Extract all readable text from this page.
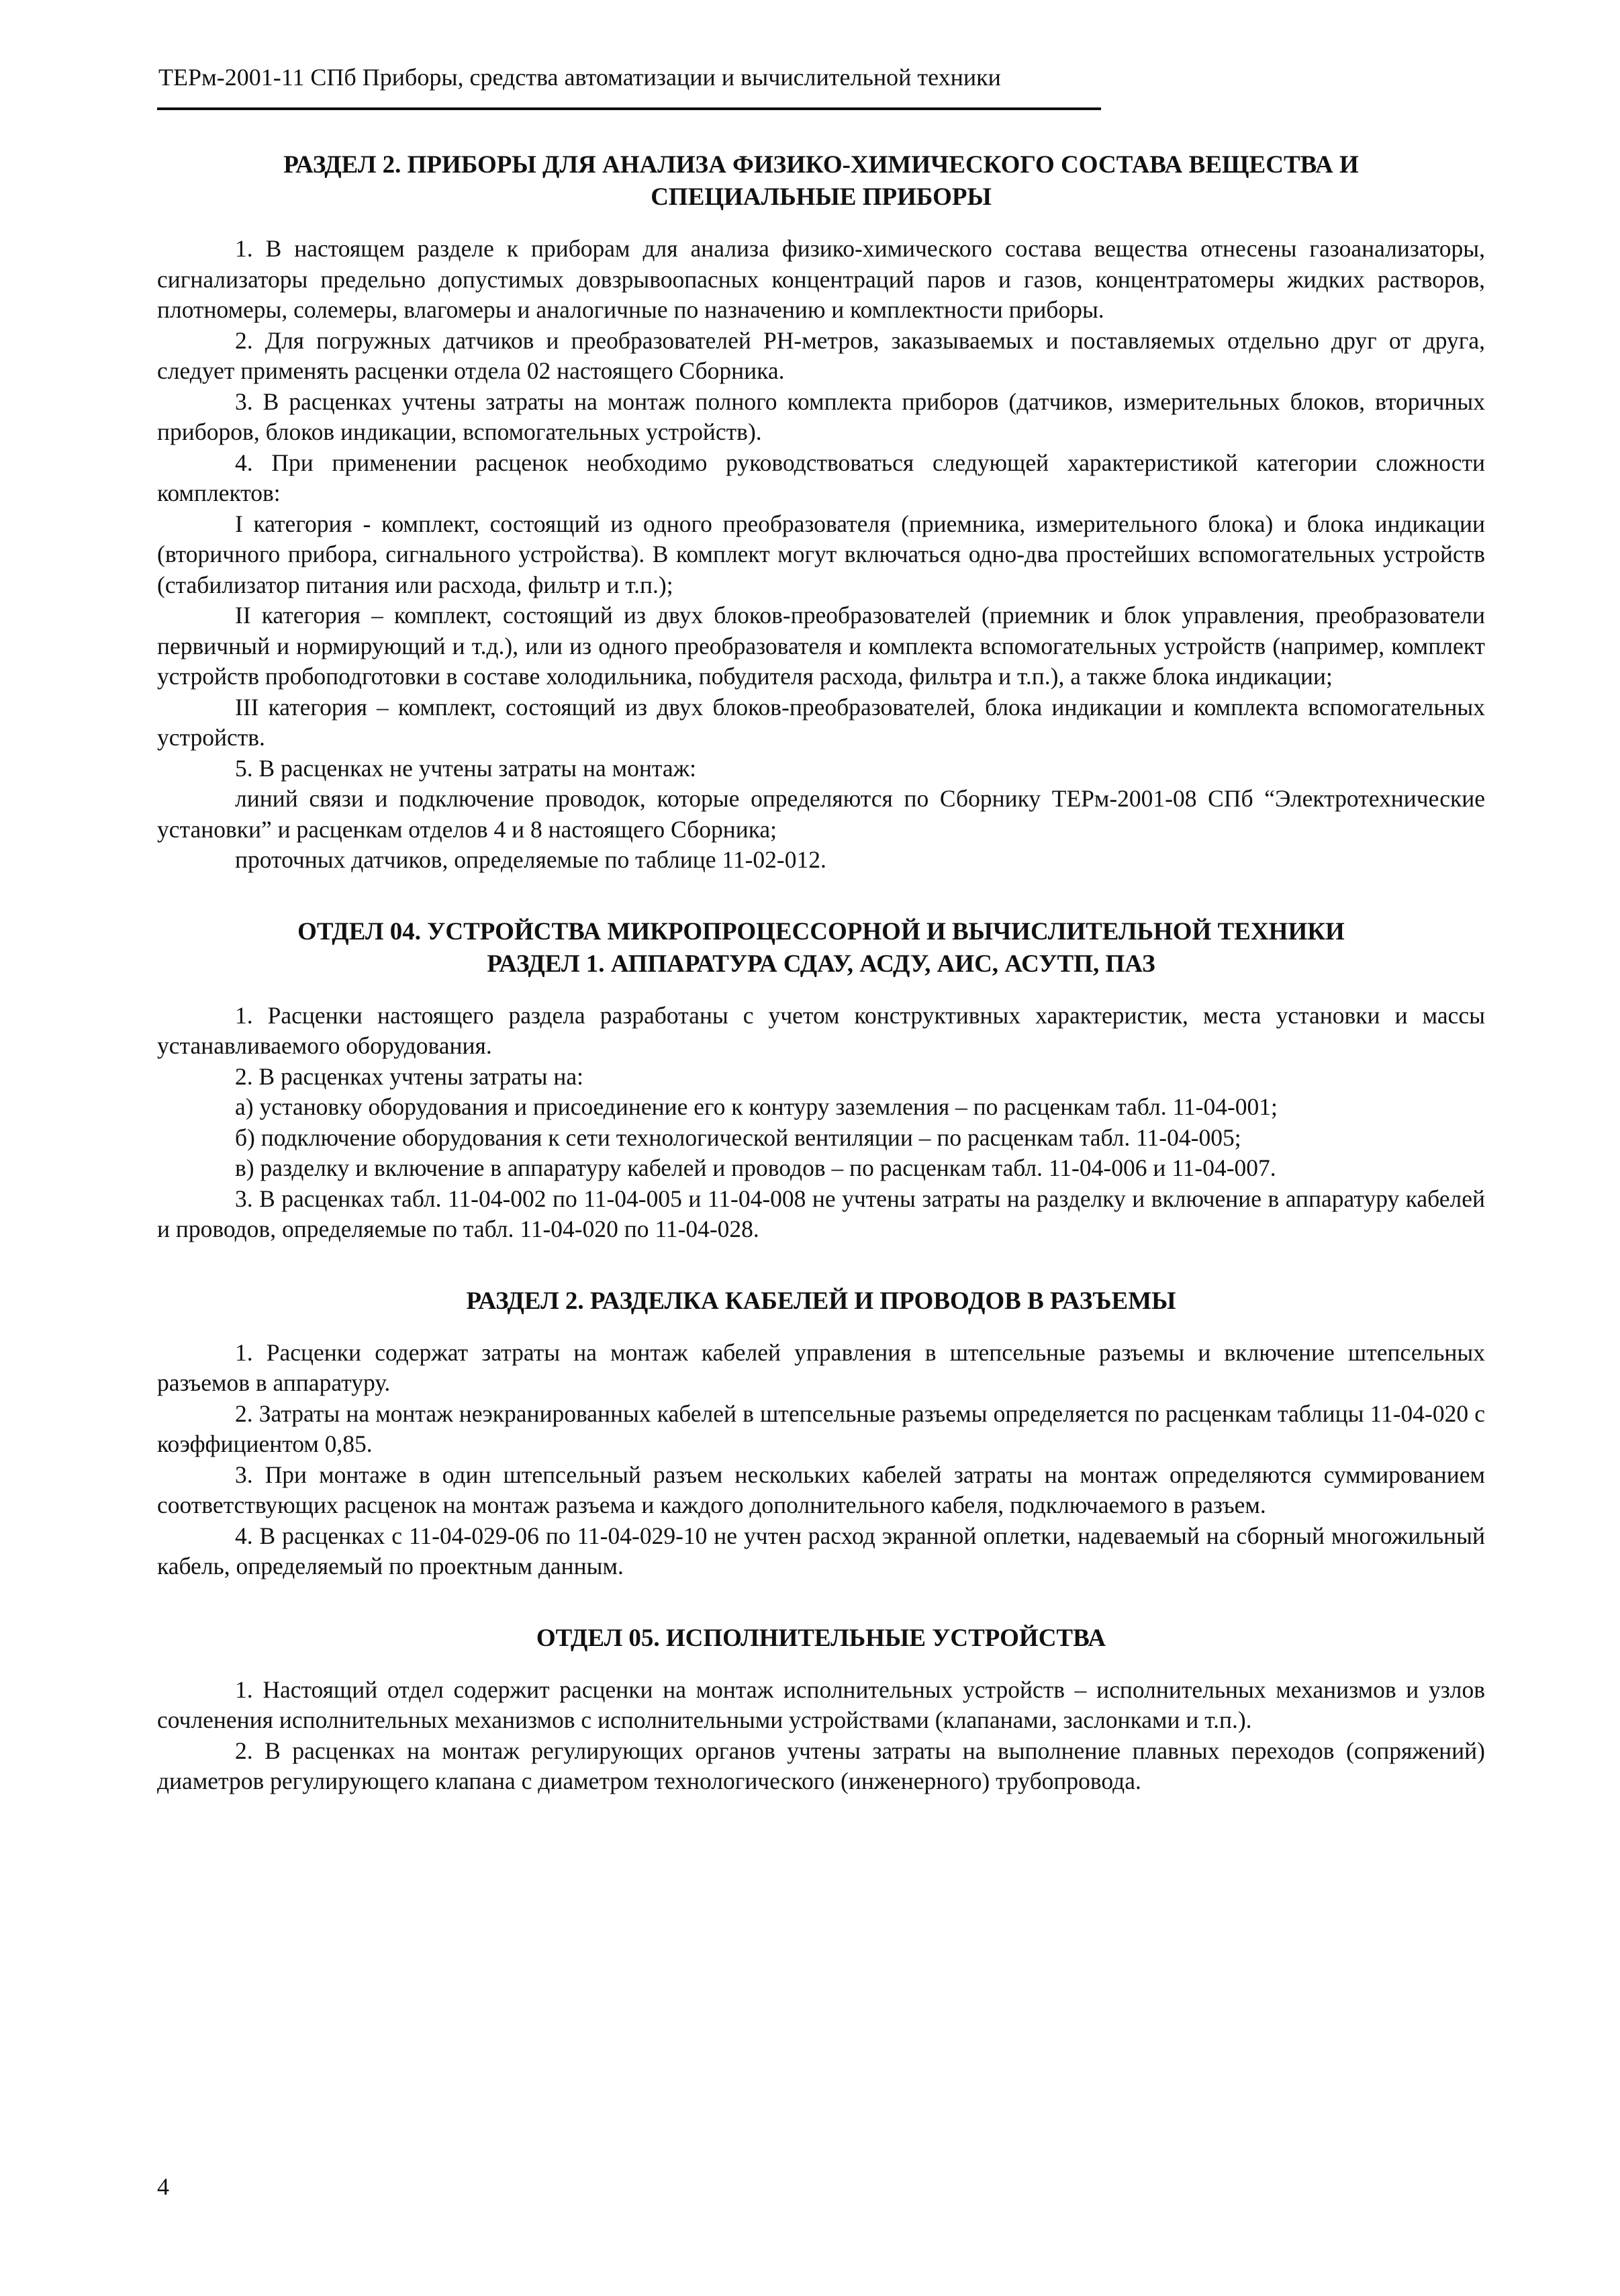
ТЕРм-2001-11 СПб Приборы, средства автоматизации и вычислительной техники
РАЗДЕЛ 2. ПРИБОРЫ ДЛЯ АНАЛИЗА ФИЗИКО-ХИМИЧЕСКОГО СОСТАВА ВЕЩЕСТВА И
СПЕЦИАЛЬНЫЕ ПРИБОРЫ

1. В настоящем разделе к приборам для анализа физико-химического состава вещества отнесены газоанализаторы, сигнализаторы предельно допустимых довзрывоопасных концентраций паров и газов, концентратомеры жидких растворов, плотномеры, солемеры, влагомеры и аналогичные по назначению и комплектности приборы.

2. Для погружных датчиков и преобразователей РН-метров, заказываемых и поставляемых отдельно друг от друга, следует применять расценки отдела 02 настоящего Сборника.

3. В расценках учтены затраты на монтаж полного комплекта приборов (датчиков, измерительных блоков, вторичных приборов, блоков индикации, вспомогательных устройств).

4. При применении расценок необходимо руководствоваться следующей характеристикой категории сложности комплектов:

I категория - комплект, состоящий из одного преобразователя (приемника, измерительного блока) и блока индикации (вторичного прибора, сигнального устройства). В комплект могут включаться одно-два простейших вспомогательных устройств (стабилизатор питания или расхода, фильтр и т.п.);

II категория – комплект, состоящий из двух блоков-преобразователей (приемник и блок управления, преобразователи первичный и нормирующий и т.д.), или из одного преобразователя и комплекта вспомогательных устройств (например, комплект устройств пробоподготовки в составе холодильника, побудителя расхода, фильтра и т.п.), а также блока индикации;

III категория – комплект, состоящий из двух блоков-преобразователей, блока индикации и комплекта вспомогательных устройств.

5. В расценках не учтены затраты на монтаж:

линий связи и подключение проводок, которые определяются по Сборнику ТЕРм-2001-08 СПб “Электротехнические установки” и расценкам отделов 4 и 8 настоящего Сборника;

проточных датчиков, определяемые по таблице 11-02-012.

ОТДЕЛ 04. УСТРОЙСТВА МИКРОПРОЦЕССОРНОЙ И ВЫЧИСЛИТЕЛЬНОЙ ТЕХНИКИ
РАЗДЕЛ 1. АППАРАТУРА СДАУ, АСДУ, АИС, АСУТП, ПАЗ

1. Расценки настоящего раздела разработаны с учетом конструктивных характеристик, места установки и массы устанавливаемого оборудования.

2. В расценках учтены затраты на:

а) установку оборудования и присоединение его к контуру заземления – по расценкам табл. 11-04-001;

б) подключение оборудования к сети технологической вентиляции – по расценкам табл. 11-04-005;

в) разделку и включение в аппаратуру кабелей и проводов – по расценкам табл. 11-04-006 и 11-04-007.

3. В расценках табл. 11-04-002 по 11-04-005 и 11-04-008 не учтены затраты на разделку и включение в аппаратуру кабелей и проводов, определяемые по табл. 11-04-020 по 11-04-028.

РАЗДЕЛ 2. РАЗДЕЛКА КАБЕЛЕЙ И ПРОВОДОВ В РАЗЪЕМЫ

1. Расценки содержат затраты на монтаж кабелей управления в штепсельные разъемы и включение штепсельных разъемов в аппаратуру.

2. Затраты на монтаж неэкранированных кабелей в штепсельные разъемы определяется по расценкам таблицы 11-04-020 с коэффициентом 0,85.

3. При монтаже в один штепсельный разъем нескольких кабелей затраты на монтаж определяются суммированием соответствующих расценок на монтаж разъема и каждого дополнительного кабеля, подключаемого в разъем.

4. В расценках с 11-04-029-06 по 11-04-029-10 не учтен расход экранной оплетки, надеваемый на сборный многожильный кабель, определяемый по проектным данным.

ОТДЕЛ 05. ИСПОЛНИТЕЛЬНЫЕ УСТРОЙСТВА

1. Настоящий отдел содержит расценки на монтаж исполнительных устройств – исполнительных механизмов и узлов сочленения исполнительных механизмов с исполнительными устройствами (клапанами, заслонками и т.п.).

2. В расценках на монтаж регулирующих органов учтены затраты на выполнение плавных переходов (сопряжений) диаметров регулирующего клапана с диаметром технологического (инженерного) трубопровода.

4
